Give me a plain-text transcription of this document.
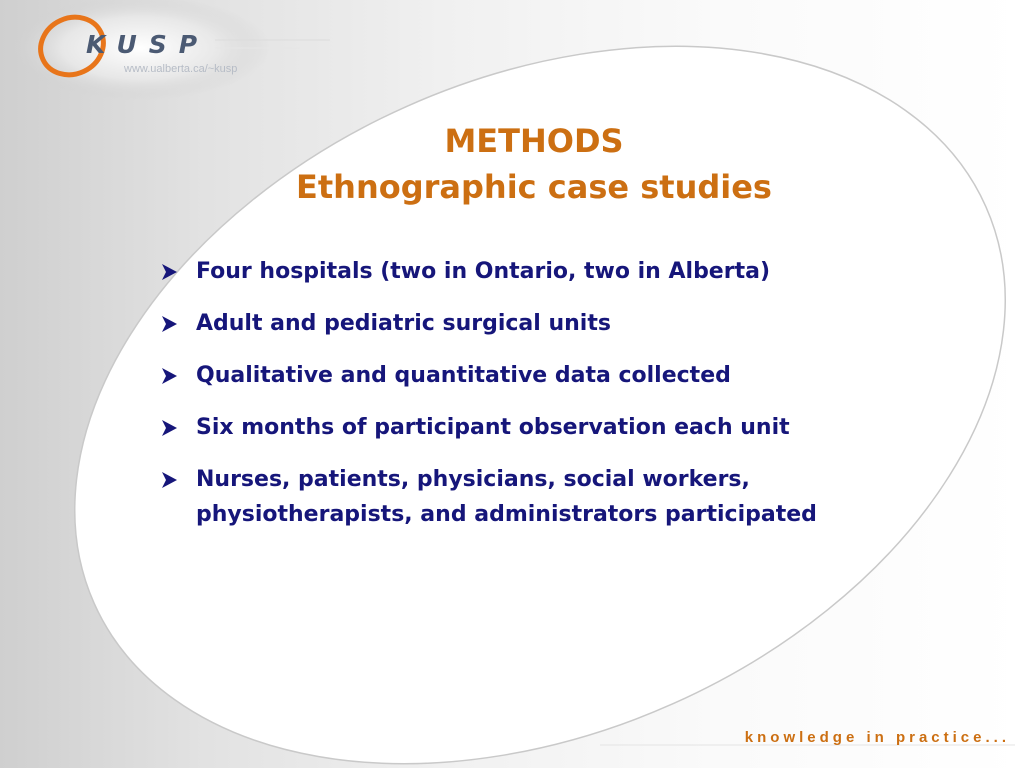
KUSP
www.ualberta.ca/~kusp
METHODS
Ethnographic case studies
Four hospitals (two in Ontario, two in Alberta)
Adult and pediatric surgical units
Qualitative and quantitative data collected
Six months of participant observation each unit
Nurses, patients, physicians, social workers,
physiotherapists, and administrators participated
knowledge in practice...
